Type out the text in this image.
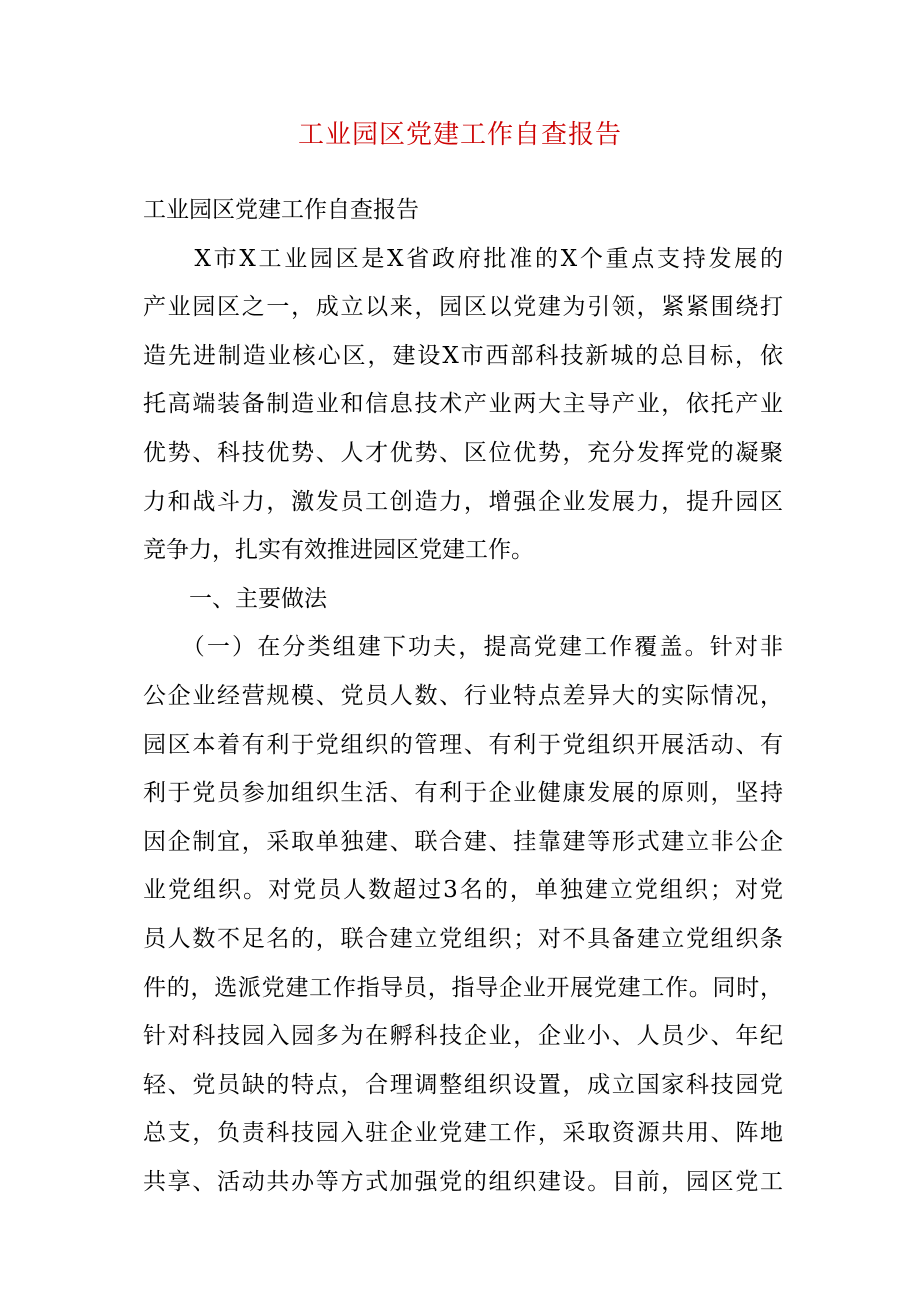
工业园区党建工作自查报告
工业园区党建工作自查报告
　　X市X工业园区是X省政府批准的X个重点支持发展的
产业园区之一，成立以来，园区以党建为引领，紧紧围绕打
造先进制造业核心区，建设X市西部科技新城的总目标，依
托高端装备制造业和信息技术产业两大主导产业，依托产业
优势、科技优势、人才优势、区位优势，充分发挥党的凝聚
力和战斗力，激发员工创造力，增强企业发展力，提升园区
竞争力，扎实有效推进园区党建工作。
　　一、主要做法
　　（一）在分类组建下功夫，提高党建工作覆盖。针对非
公企业经营规模、党员人数、行业特点差异大的实际情况，
园区本着有利于党组织的管理、有利于党组织开展活动、有
利于党员参加组织生活、有利于企业健康发展的原则，坚持
因企制宜，采取单独建、联合建、挂靠建等形式建立非公企
业党组织。对党员人数超过3名的，单独建立党组织；对党
员人数不足名的，联合建立党组织；对不具备建立党组织条
件的，选派党建工作指导员，指导企业开展党建工作。同时，
针对科技园入园多为在孵科技企业，企业小、人员少、年纪
轻、党员缺的特点，合理调整组织设置，成立国家科技园党
总支，负责科技园入驻企业党建工作，采取资源共用、阵地
共享、活动共办等方式加强党的组织建设。目前，园区党工
